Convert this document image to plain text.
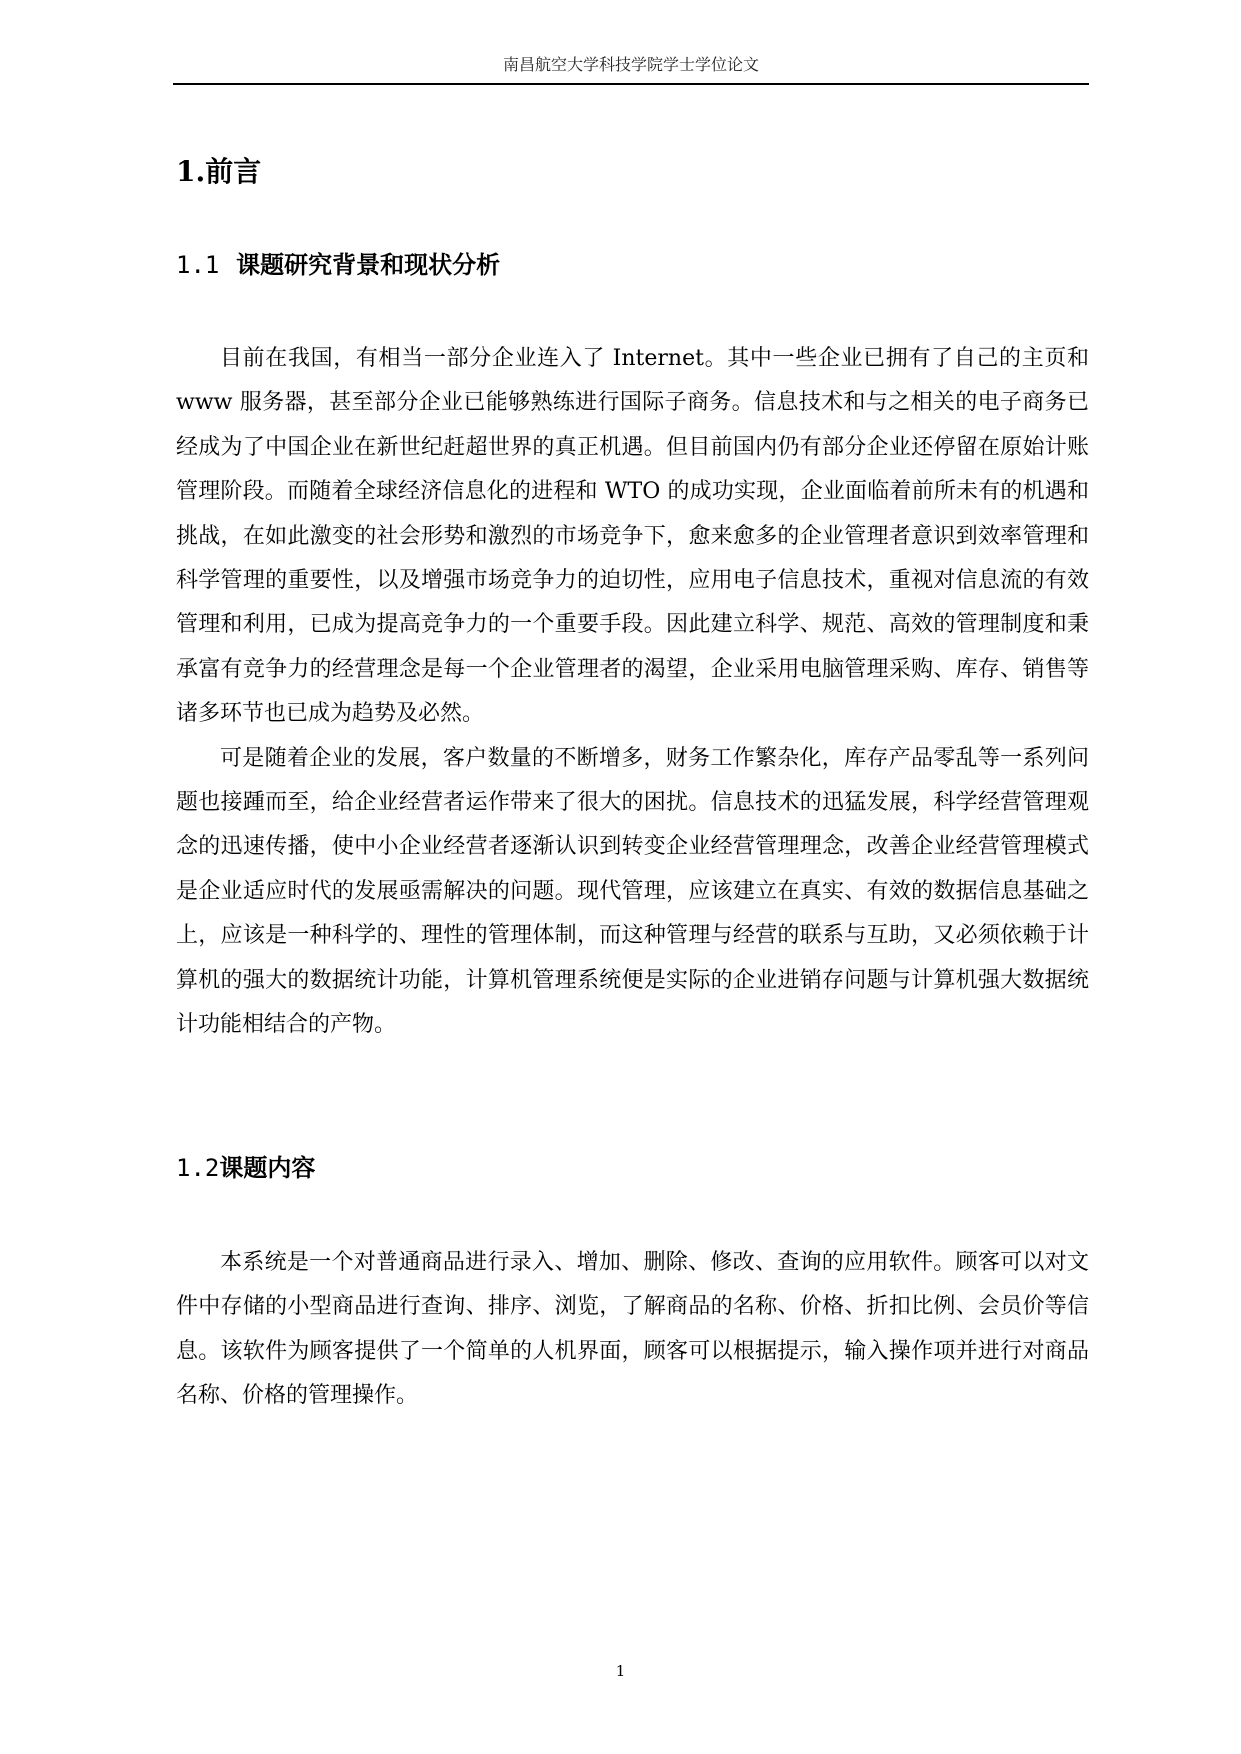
南昌航空大学科技学院学士学位论文
1.前言
1.1 课题研究背景和现状分析

目前在我国，有相当一部分企业连入了 Internet。其中一些企业已拥有了自己的主页和 www 服务器，甚至部分企业已能够熟练进行国际子商务。信息技术和与之相关的电子商务已经成为了中国企业在新世纪赶超世界的真正机遇。但目前国内仍有部分企业还停留在原始计账管理阶段。而随着全球经济信息化的进程和 WTO 的成功实现，企业面临着前所未有的机遇和挑战，在如此激变的社会形势和激烈的市场竞争下，愈来愈多的企业管理者意识到效率管理和科学管理的重要性，以及增强市场竞争力的迫切性，应用电子信息技术，重视对信息流的有效管理和利用，已成为提高竞争力的一个重要手段。因此建立科学、规范、高效的管理制度和秉承富有竞争力的经营理念是每一个企业管理者的渴望，企业采用电脑管理采购、库存、销售等诸多环节也已成为趋势及必然。

可是随着企业的发展，客户数量的不断增多，财务工作繁杂化，库存产品零乱等一系列问题也接踵而至，给企业经营者运作带来了很大的困扰。信息技术的迅猛发展，科学经营管理观念的迅速传播，使中小企业经营者逐渐认识到转变企业经营管理理念，改善企业经营管理模式是企业适应时代的发展亟需解决的问题。现代管理，应该建立在真实、有效的数据信息基础之上，应该是一种科学的、理性的管理体制，而这种管理与经营的联系与互助，又必须依赖于计算机的强大的数据统计功能，计算机管理系统便是实际的企业进销存问题与计算机强大数据统计功能相结合的产物。

1.2课题内容

本系统是一个对普通商品进行录入、增加、删除、修改、查询的应用软件。顾客可以对文件中存储的小型商品进行查询、排序、浏览，了解商品的名称、价格、折扣比例、会员价等信息。该软件为顾客提供了一个简单的人机界面，顾客可以根据提示，输入操作项并进行对商品名称、价格的管理操作。

1
